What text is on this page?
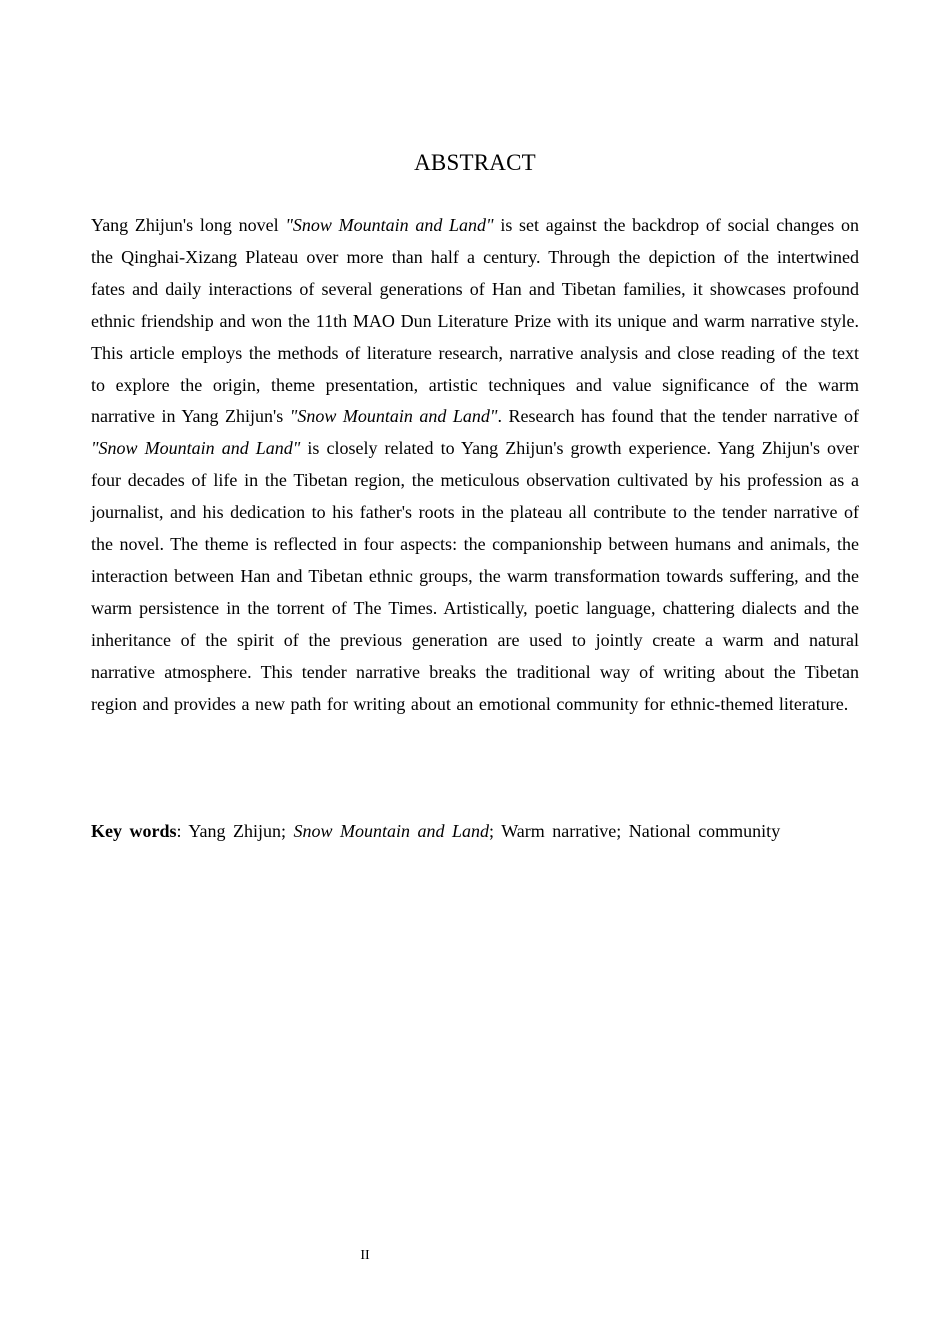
ABSTRACT

Yang Zhijun's long novel "Snow Mountain and Land" is set against the backdrop of social changes on the Qinghai-Xizang Plateau over more than half a century. Through the depiction of the intertwined fates and daily interactions of several generations of Han and Tibetan families, it showcases profound ethnic friendship and won the 11th MAO Dun Literature Prize with its unique and warm narrative style. This article employs the methods of literature research, narrative analysis and close reading of the text to explore the origin, theme presentation, artistic techniques and value significance of the warm narrative in Yang Zhijun's "Snow Mountain and Land". Research has found that the tender narrative of "Snow Mountain and Land" is closely related to Yang Zhijun's growth experience. Yang Zhijun's over four decades of life in the Tibetan region, the meticulous observation cultivated by his profession as a journalist, and his dedication to his father's roots in the plateau all contribute to the tender narrative of the novel. The theme is reflected in four aspects: the companionship between humans and animals, the interaction between Han and Tibetan ethnic groups, the warm transformation towards suffering, and the warm persistence in the torrent of The Times. Artistically, poetic language, chattering dialects and the inheritance of the spirit of the previous generation are used to jointly create a warm and natural narrative atmosphere. This tender narrative breaks the traditional way of writing about the Tibetan region and provides a new path for writing about an emotional community for ethnic-themed literature.

Key words: Yang Zhijun; Snow Mountain and Land; Warm narrative; National community
II
